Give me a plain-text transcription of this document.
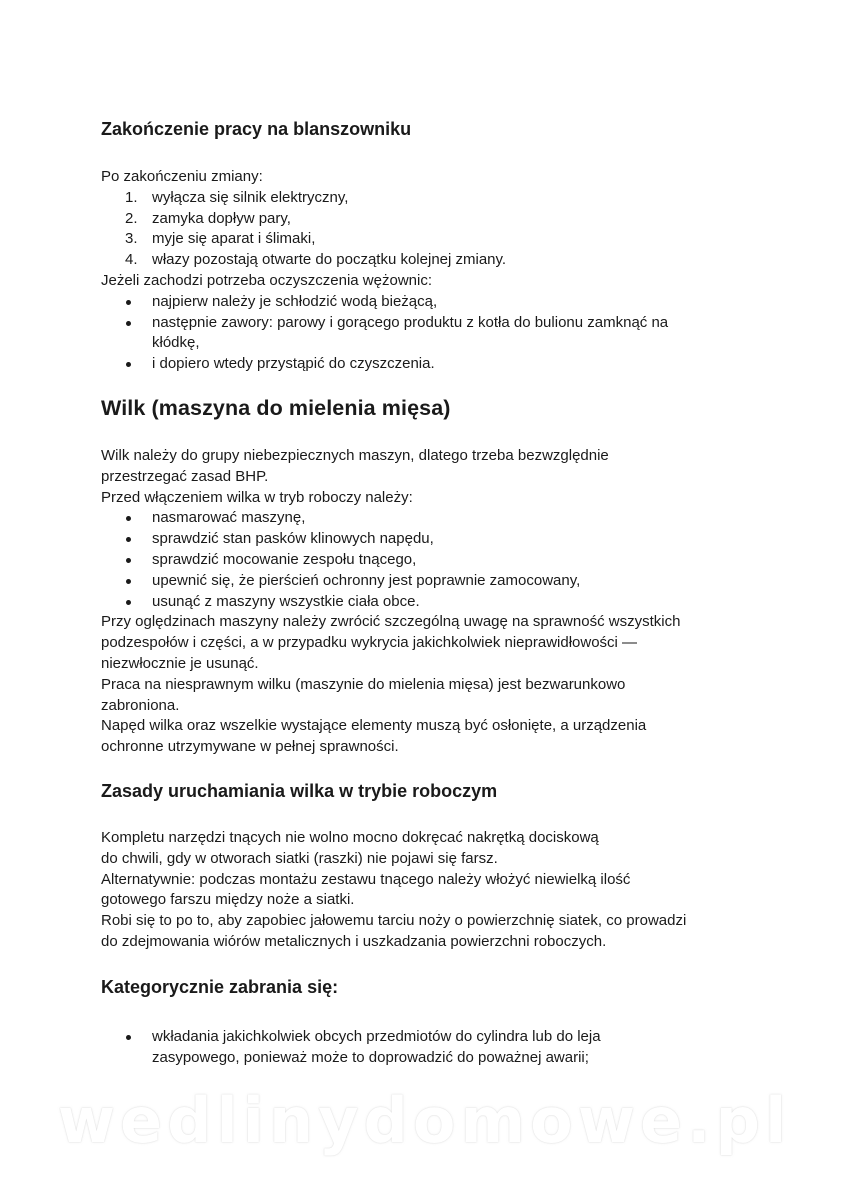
Zakończenie pracy na blanszowniku
Po zakończeniu zmiany:
1. wyłącza się silnik elektryczny,
2. zamyka dopływ pary,
3. myje się aparat i ślimaki,
4. włazy pozostają otwarte do początku kolejnej zmiany.
Jeżeli zachodzi potrzeba oczyszczenia wężownic:
najpierw należy je schłodzić wodą bieżącą,
następnie zawory: parowy i gorącego produktu z kotła do bulionu zamknąć na
kłódkę,
i dopiero wtedy przystąpić do czyszczenia.
Wilk (maszyna do mielenia mięsa)
Wilk należy do grupy niebezpiecznych maszyn, dlatego trzeba bezwzględnie
przestrzegać zasad BHP.
Przed włączeniem wilka w tryb roboczy należy:
nasmarować maszynę,
sprawdzić stan pasków klinowych napędu,
sprawdzić mocowanie zespołu tnącego,
upewnić się, że pierścień ochronny jest poprawnie zamocowany,
usunąć z maszyny wszystkie ciała obce.
Przy oględzinach maszyny należy zwrócić szczególną uwagę na sprawność wszystkich
podzespołów i części, a w przypadku wykrycia jakichkolwiek nieprawidłowości —
niezwłocznie je usunąć.
Praca na niesprawnym wilku (maszynie do mielenia mięsa) jest bezwarunkowo
zabroniona.
Napęd wilka oraz wszelkie wystające elementy muszą być osłonięte, a urządzenia
ochronne utrzymywane w pełnej sprawności.
Zasady uruchamiania wilka w trybie roboczym
Kompletu narzędzi tnących nie wolno mocno dokręcać nakrętką dociskową
do chwili, gdy w otworach siatki (raszki) nie pojawi się farsz.
Alternatywnie: podczas montażu zestawu tnącego należy włożyć niewielką ilość
gotowego farszu między noże a siatki.
Robi się to po to, aby zapobiec jałowemu tarciu noży o powierzchnię siatek, co prowadzi
do zdejmowania wiórów metalicznych i uszkadzania powierzchni roboczych.
Kategorycznie zabrania się:
wkładania jakichkolwiek obcych przedmiotów do cylindra lub do leja
zasypowego, ponieważ może to doprowadzić do poważnej awarii;
wedlinydomowe.pl
